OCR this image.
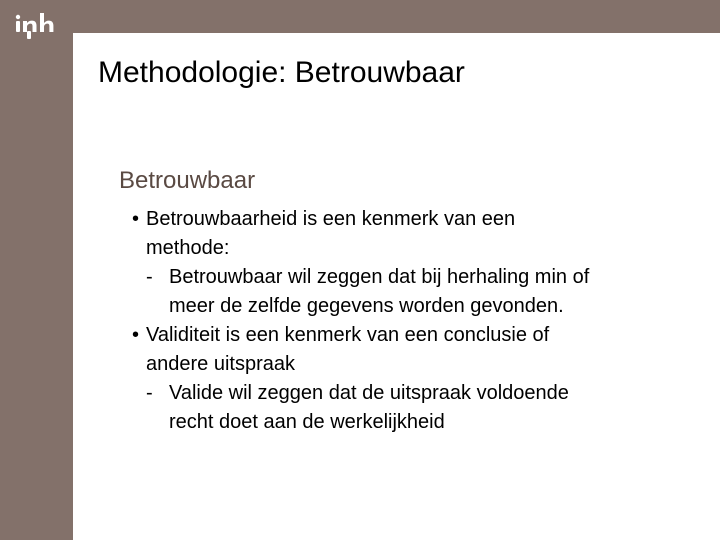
Methodologie: Betrouwbaar
Betrouwbaar
• Betrouwbaarheid is een kenmerk van een
methode:
- Betrouwbaar wil zeggen dat bij herhaling min of
meer de zelfde gegevens worden gevonden.
• Validiteit is een kenmerk van een conclusie of
andere uitspraak
- Valide wil zeggen dat de uitspraak voldoende
recht doet aan de werkelijkheid
